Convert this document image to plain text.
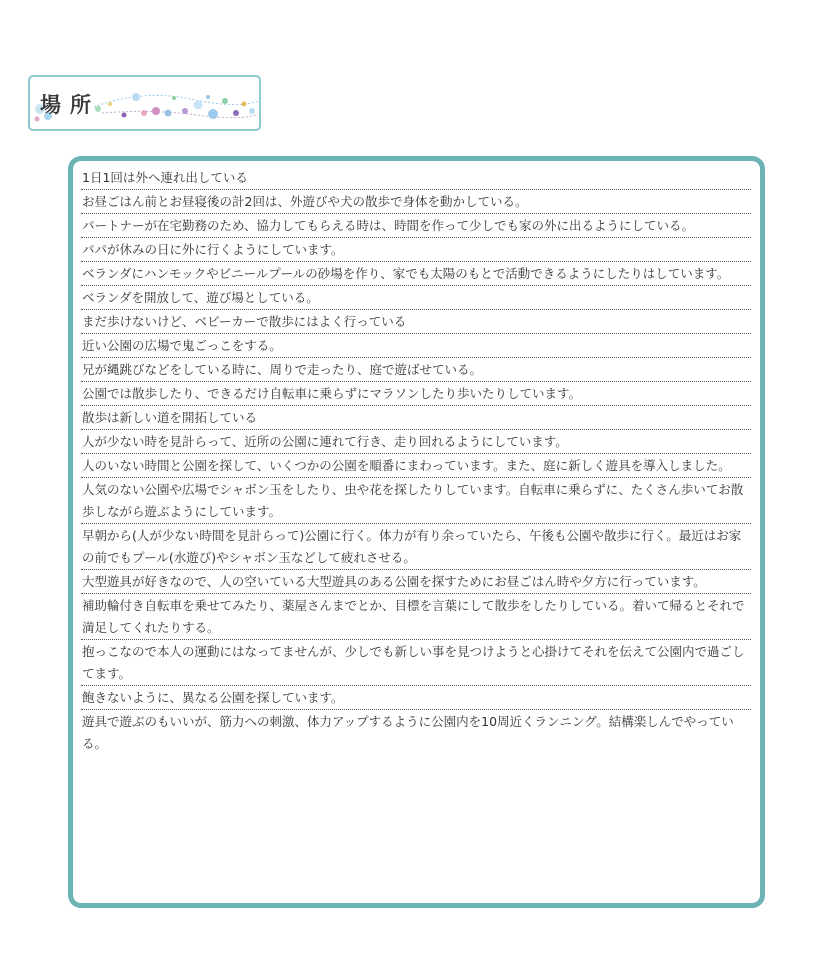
場所
1日1回は外へ連れ出している
お昼ごはん前とお昼寝後の計2回は、外遊びや犬の散歩で身体を動かしている。
パートナーが在宅勤務のため、協力してもらえる時は、時間を作って少しでも家の外に出るようにしている。
パパが休みの日に外に行くようにしています。
ベランダにハンモックやビニールプールの砂場を作り、家でも太陽のもとで活動できるようにしたりはしています。
ベランダを開放して、遊び場としている。
まだ歩けないけど、ベビーカーで散歩にはよく行っている
近い公園の広場で鬼ごっこをする。
兄が縄跳びなどをしている時に、周りで走ったり、庭で遊ばせている。
公園では散歩したり、できるだけ自転車に乗らずにマラソンしたり歩いたりしています。
散歩は新しい道を開拓している
人が少ない時を見計らって、近所の公園に連れて行き、走り回れるようにしています。
人のいない時間と公園を探して、いくつかの公園を順番にまわっています。また、庭に新しく遊具を導入しました。
人気のない公園や広場でシャボン玉をしたり、虫や花を探したりしています。自転車に乗らずに、たくさん歩いてお散歩しながら遊ぶようにしています。
早朝から(人が少ない時間を見計らって)公園に行く。体力が有り余っていたら、午後も公園や散歩に行く。最近はお家の前でもプール(水遊び)やシャボン玉などして疲れさせる。
大型遊具が好きなので、人の空いている大型遊具のある公園を探すためにお昼ごはん時や夕方に行っています。
補助輪付き自転車を乗せてみたり、薬屋さんまでとか、目標を言葉にして散歩をしたりしている。着いて帰るとそれで満足してくれたりする。
抱っこなので本人の運動にはなってませんが、少しでも新しい事を見つけようと心掛けてそれを伝えて公園内で過ごしてます。
飽きないように、異なる公園を探しています。
遊具で遊ぶのもいいが、筋力への刺激、体力アップするように公園内を10周近くランニング。結構楽しんでやっている。
